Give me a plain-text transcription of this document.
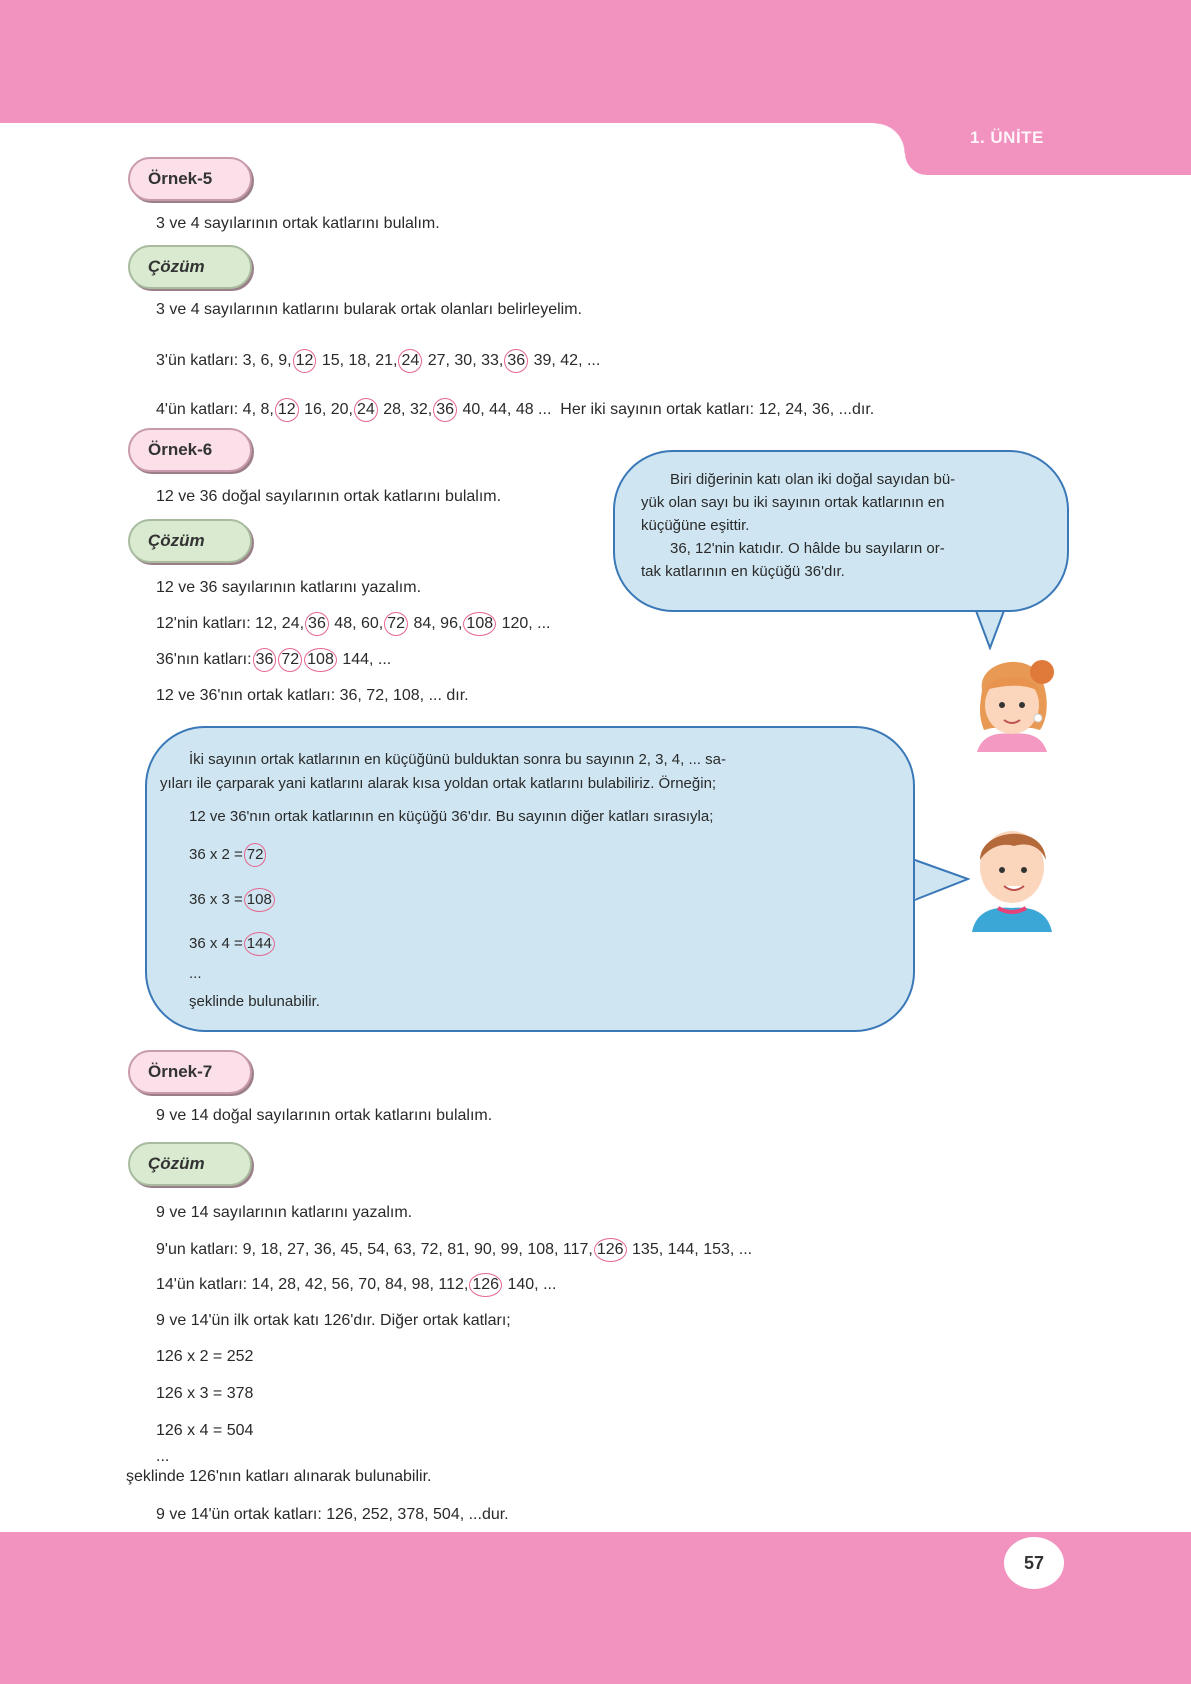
1. ÜNİTE
57
Örnek-5
3 ve 4 sayılarının ortak katlarını bulalım.
Çözüm
3 ve 4 sayılarının katlarını bularak ortak olanları belirleyelim.
3'ün katları: 3, 6, 9, 12 15, 18, 21, 24 27, 30, 33, 36 39, 42, ...
4'ün katları: 4, 8, 12 16, 20, 24 28, 32, 36 40, 44, 48 ... Her iki sayının ortak katları: 12, 24, 36, ...dır.
Örnek-6
12 ve 36 doğal sayılarının ortak katlarını bulalım.
Çözüm
12 ve 36 sayılarının katlarını yazalım.
12'nin katları: 12, 24, 36 48, 60, 72 84, 96, 108 120, ...
36'nın katları: 36 72 108 144, ...
12 ve 36'nın ortak katları: 36, 72, 108, ... dır.
Biri diğerinin katı olan iki doğal sayıdan bü-
yük olan sayı bu iki sayının ortak katlarının en
küçüğüne eşittir.
36, 12'nin katıdır. O hâlde bu sayıların or-
tak katlarının en küçüğü 36'dır.
İki sayının ortak katlarının en küçüğünü bulduktan sonra bu sayının 2, 3, 4, ... sa-
yıları ile çarparak yani katlarını alarak kısa yoldan ortak katlarını bulabiliriz. Örneğin;
12 ve 36'nın ortak katlarının en küçüğü 36'dır. Bu sayının diğer katları sırasıyla;
36 x 2 = 72
36 x 3 = 108
36 x 4 = 144
...
şeklinde bulunabilir.
Örnek-7
9 ve 14 doğal sayılarının ortak katlarını bulalım.
Çözüm
9 ve 14 sayılarının katlarını yazalım.
9'un katları: 9, 18, 27, 36, 45, 54, 63, 72, 81, 90, 99, 108, 117, 126 135, 144, 153, ...
14'ün katları: 14, 28, 42, 56, 70, 84, 98, 112, 126 140, ...
9 ve 14'ün ilk ortak katı 126'dır. Diğer ortak katları;
126 x 2 = 252
126 x 3 = 378
126 x 4 = 504
...
şeklinde 126'nın katları alınarak bulunabilir.
9 ve 14'ün ortak katları: 126, 252, 378, 504, ...dur.
